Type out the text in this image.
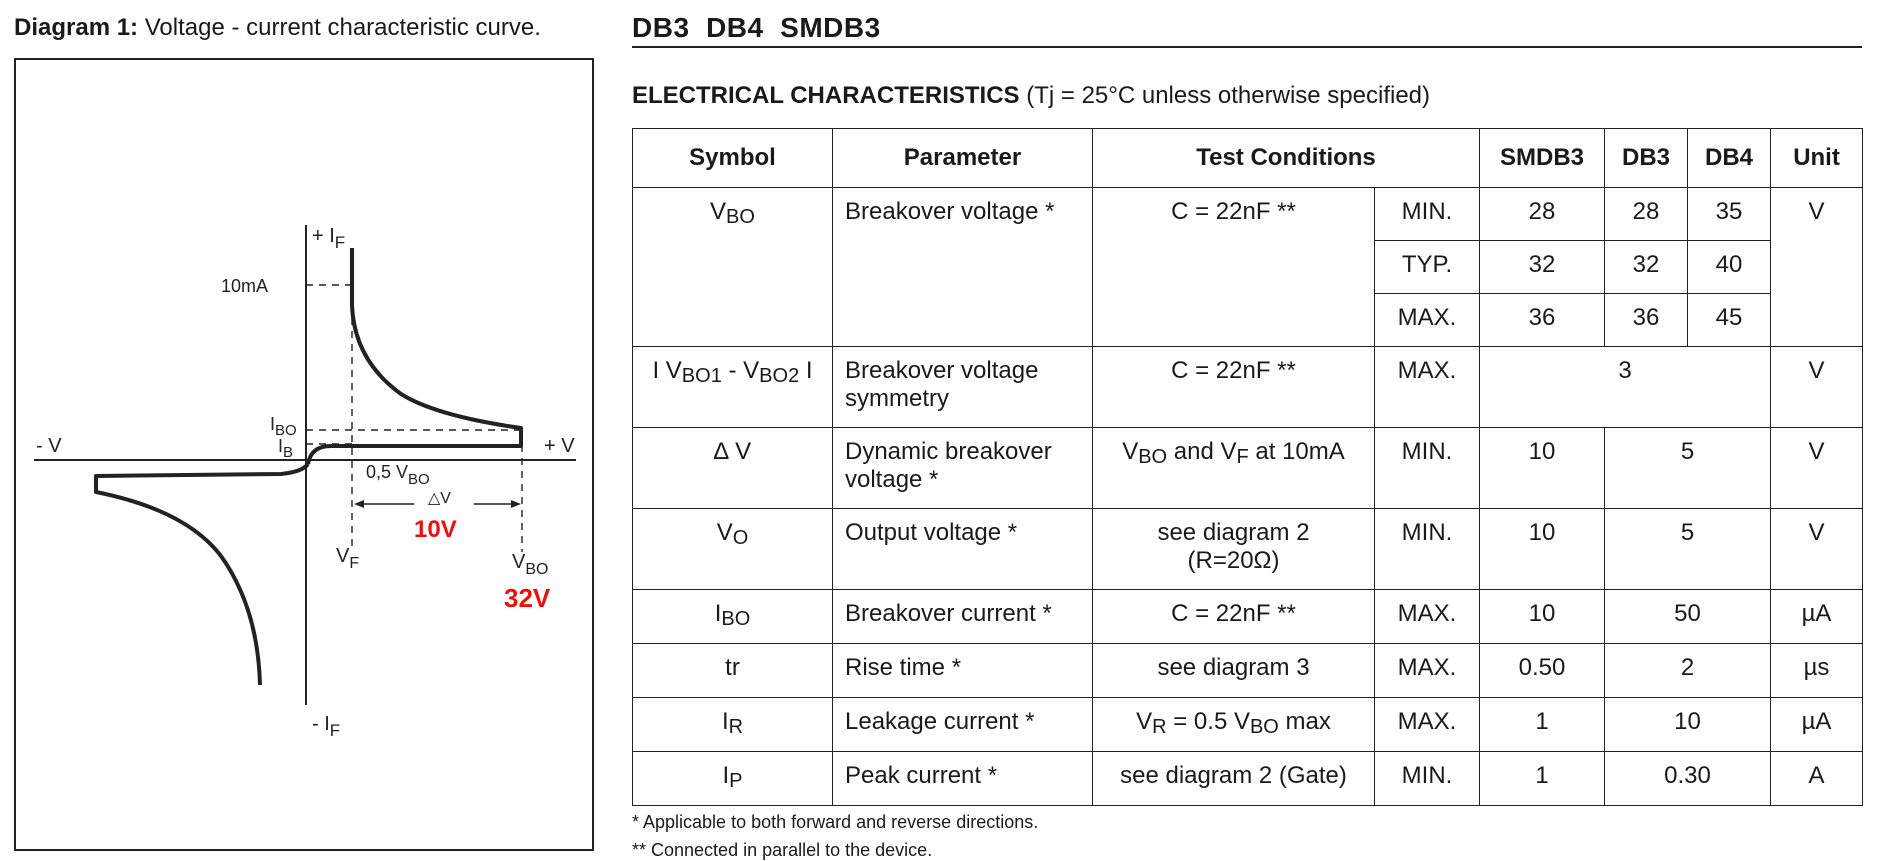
Diagram 1: Voltage - current characteristic curve.
+ $I_F$
- $I_F$
10mA
$I_{BO}$
$I_B$
- V	+ V
0,5 $V_{BO}$
△V
10V
$V_F$	$V_{BO}$
32V
DB3  DB4  SMDB3
ELECTRICAL CHARACTERISTICS (Tj = 25°C unless otherwise specified)
Symbol	Parameter	Test Conditions		SMDB3	DB3	DB4	Unit
VBO	Breakover voltage *	C = 22nF **	MIN.	28	28	35	V
			TYP.	32	32	40	
			MAX.	36	36	45	
I VBO1 - VBO2 I	Breakover voltage symmetry	C = 22nF **	MAX.	3			V
∆ V	Dynamic breakover voltage *	VBO and VF at 10mA	MIN.	10	5		V
VO	Output voltage *	see diagram 2
(R=20Ω)	MIN.	10	5		V
IBO	Breakover current *	C = 22nF **	MAX.	10	50		µA
tr	Rise time *	see diagram 3	MAX.	0.50	2		µs
IR	Leakage current *	VR = 0.5 VBO max	MAX.	1	10		µA
IP	Peak current *	see diagram 2 (Gate)	MIN.	1	0.30		A
* Applicable to both forward and reverse directions.
** Connected in parallel to the device.
